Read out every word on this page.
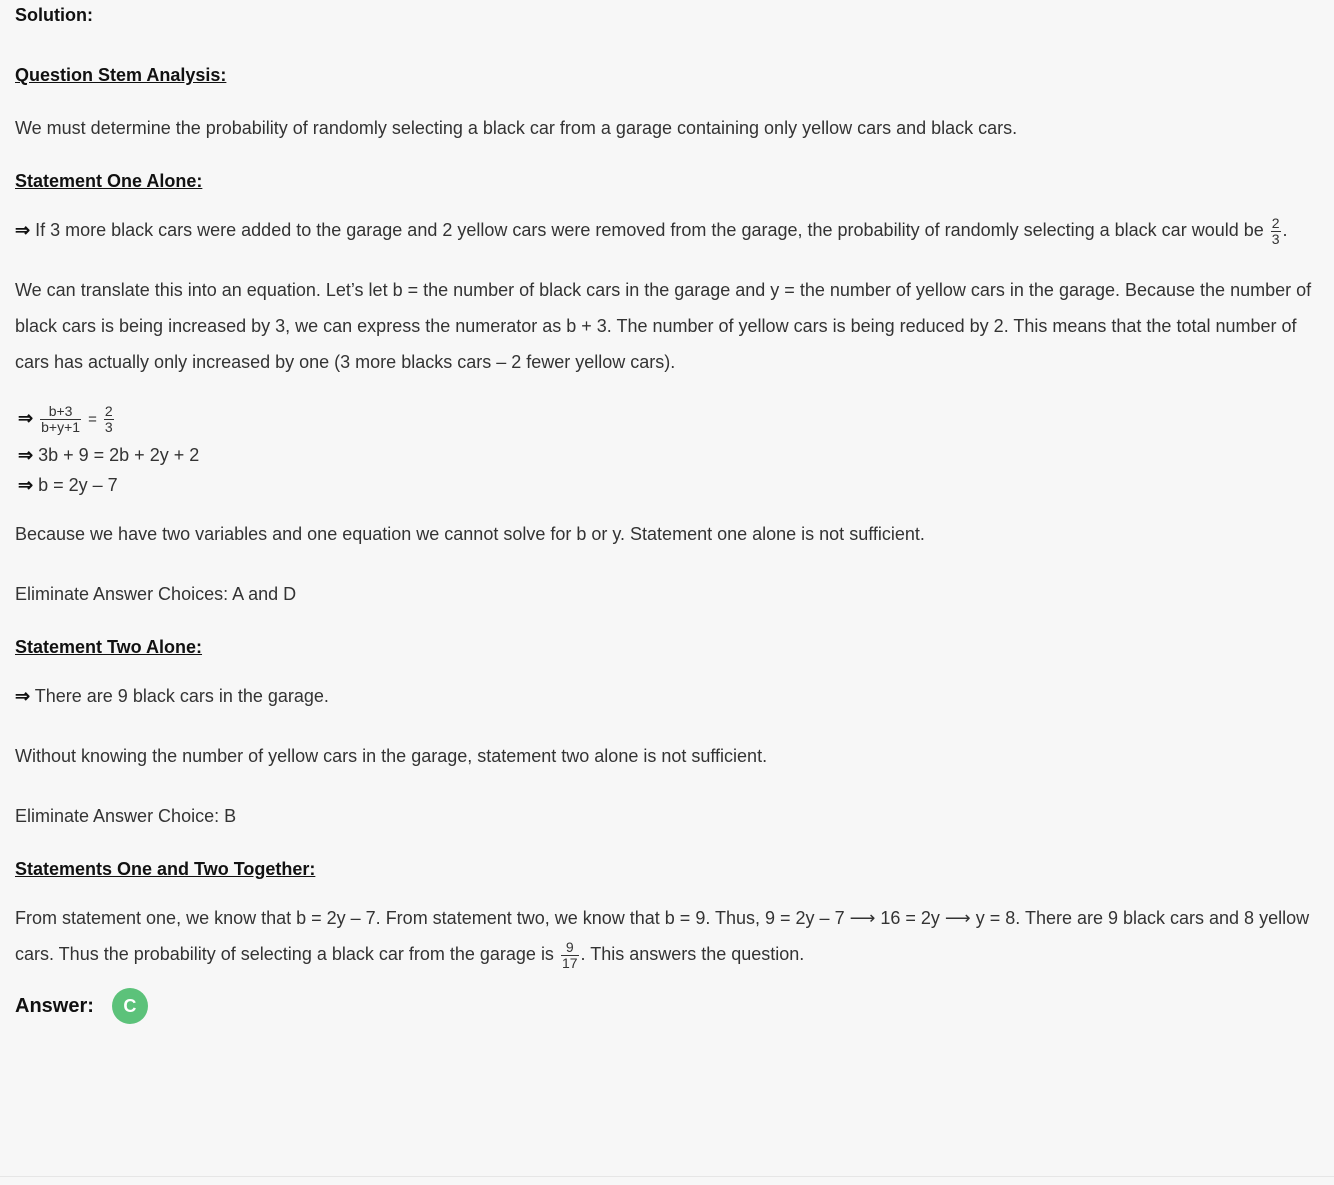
Solution:
Question Stem Analysis:

We must determine the probability of randomly selecting a black car from a garage containing only yellow cars and black cars.

Statement One Alone:

⇒ If 3 more black cars were added to the garage and 2 yellow cars were removed from the garage, the probability of randomly selecting a black car would be $\frac{2}{3}$ .

We can translate this into an equation. Let’s let b = the number of black cars in the garage and y = the number of yellow cars in the garage. Because the number of black cars is being increased by 3, we can express the numerator as b + 3. The number of yellow cars is being reduced by 2. This means that the total number of cars has actually only increased by one (3 more blacks cars – 2 fewer yellow cars).

⇒ $\frac{b+3}{b+y+1} = \frac{2}{3}$
⇒ 3b + 9 = 2b + 2y + 2
⇒ b = 2y – 7

Because we have two variables and one equation we cannot solve for b or y. Statement one alone is not sufficient.

Eliminate Answer Choices: A and D

Statement Two Alone:

⇒ There are 9 black cars in the garage.

Without knowing the number of yellow cars in the garage, statement two alone is not sufficient.

Eliminate Answer Choice: B

Statements One and Two Together:

From statement one, we know that b = 2y – 7. From statement two, we know that b = 9. Thus, 9 = 2y – 7 ⟶ 16 = 2y ⟶ y = 8. There are 9 black cars and 8 yellow cars. Thus the probability of selecting a black car from the garage is $\frac{9}{17}$ . This answers the question.

Answer:	C
